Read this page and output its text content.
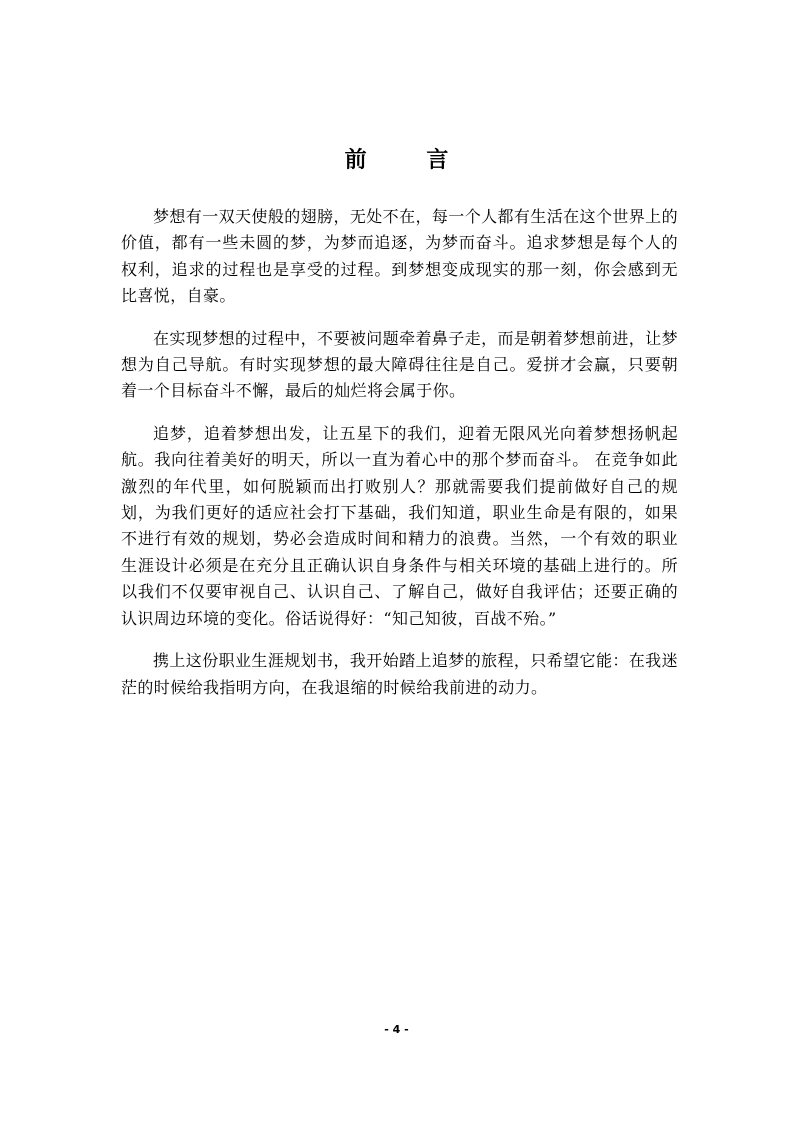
前 言

梦想有一双天使般的翅膀，无处不在，每一个人都有生活在这个世界上的价值，都有一些未圆的梦，为梦而追逐，为梦而奋斗。追求梦想是每个人的权利，追求的过程也是享受的过程。到梦想变成现实的那一刻，你会感到无比喜悦，自豪。

在实现梦想的过程中，不要被问题牵着鼻子走，而是朝着梦想前进，让梦想为自己导航。有时实现梦想的最大障碍往往是自己。爱拼才会赢，只要朝着一个目标奋斗不懈，最后的灿烂将会属于你。

追梦，追着梦想出发，让五星下的我们，迎着无限风光向着梦想扬帆起航。我向往着美好的明天，所以一直为着心中的那个梦而奋斗。 在竞争如此激烈的年代里，如何脱颖而出打败别人？那就需要我们提前做好自己的规划，为我们更好的适应社会打下基础，我们知道，职业生命是有限的，如果不进行有效的规划，势必会造成时间和精力的浪费。当然，一个有效的职业生涯设计必须是在充分且正确认识自身条件与相关环境的基础上进行的。所以我们不仅要审视自己、认识自己、了解自己，做好自我评估；还要正确的认识周边环境的变化。俗话说得好：“知己知彼，百战不殆。”

携上这份职业生涯规划书，我开始踏上追梦的旅程，只希望它能：在我迷茫的时候给我指明方向，在我退缩的时候给我前进的动力。

- 4 -
